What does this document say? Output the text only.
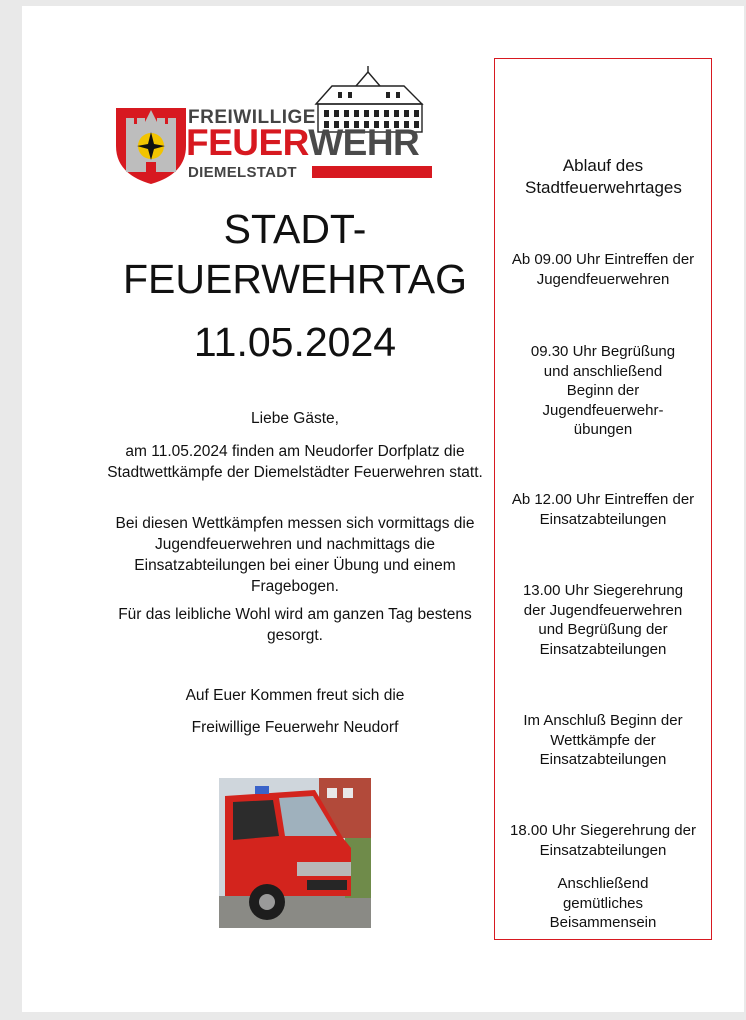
FREIWILLIGE
FEUERWEHR
DIEMELSTADT
STADT-
FEUERWEHRTAG
11.05.2024
Liebe Gäste,
am 11.05.2024 finden am Neudorfer Dorfplatz die Stadtwettkämpfe der Diemelstädter Feuerwehren statt.
Bei diesen Wettkämpfen messen sich vormittags die Jugendfeuerwehren und nachmittags die Einsatzabteilungen bei einer Übung und einem Fragebogen.
Für das leibliche Wohl wird am ganzen Tag bestens gesorgt.
Auf Euer Kommen freut sich die
Freiwillige Feuerwehr Neudorf
Ablauf des Stadtfeuerwehrtages
Ab 09.00 Uhr Eintreffen der Jugendfeuerwehren
09.30 Uhr Begrüßung und anschließend Beginn der Jugendfeuerwehr-übungen
Ab 12.00 Uhr Eintreffen der Einsatzabteilungen
13.00 Uhr Siegerehrung der Jugendfeuerwehren und Begrüßung der Einsatzabteilungen
Im Anschluß Beginn der Wettkämpfe der Einsatzabteilungen
18.00 Uhr Siegerehrung der Einsatzabteilungen
Anschließend gemütliches Beisammensein
